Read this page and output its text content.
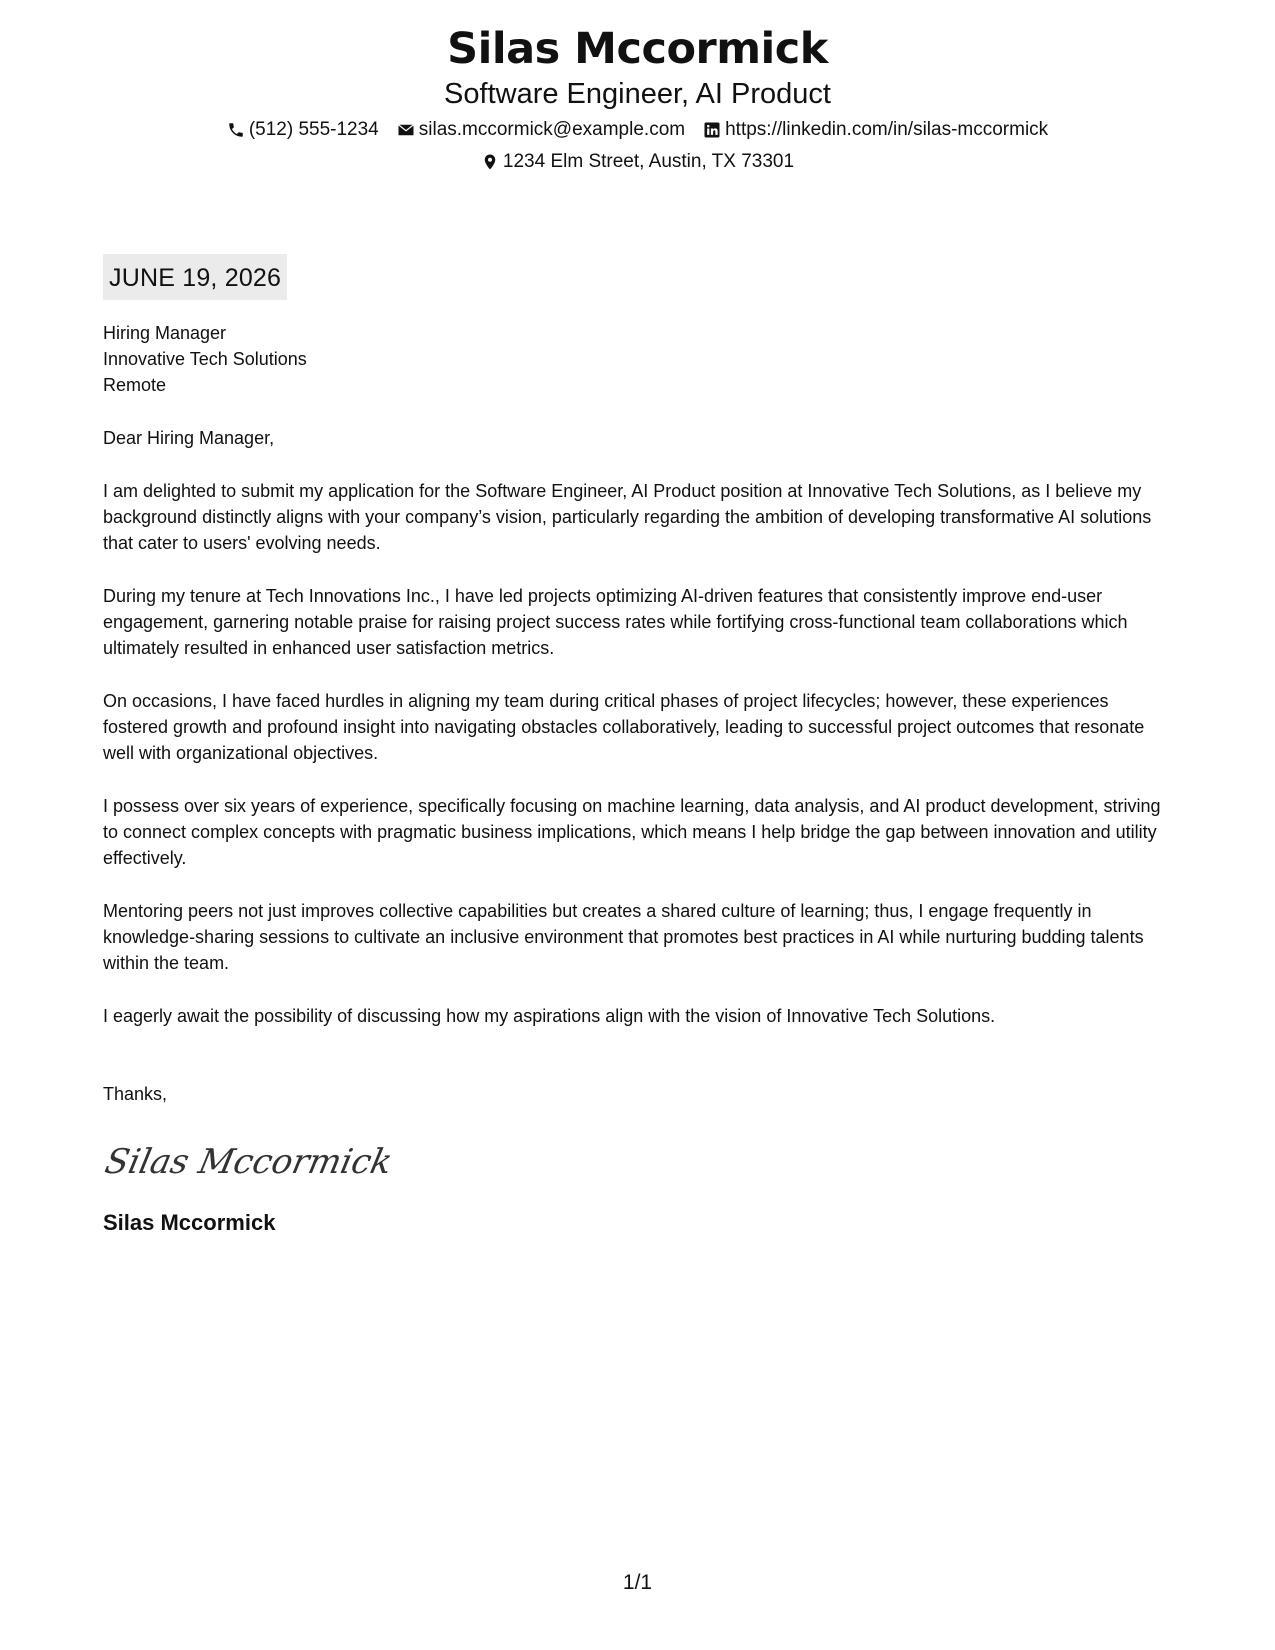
Silas Mccormick
Software Engineer, AI Product
(512) 555-1234 silas.mccormick@example.com https://linkedin.com/in/silas-mccormick
1234 Elm Street, Austin, TX 73301
JUNE 19, 2026
Hiring Manager
Innovative Tech Solutions
Remote
Dear Hiring Manager,
I am delighted to submit my application for the Software Engineer, AI Product position at Innovative Tech Solutions, as I believe my background distinctly aligns with your company’s vision, particularly regarding the ambition of developing transformative AI solutions that cater to users' evolving needs.
During my tenure at Tech Innovations Inc., I have led projects optimizing AI-driven features that consistently improve end-user engagement, garnering notable praise for raising project success rates while fortifying cross-functional team collaborations which ultimately resulted in enhanced user satisfaction metrics.
On occasions, I have faced hurdles in aligning my team during critical phases of project lifecycles; however, these experiences fostered growth and profound insight into navigating obstacles collaboratively, leading to successful project outcomes that resonate well with organizational objectives.
I possess over six years of experience, specifically focusing on machine learning, data analysis, and AI product development, striving to connect complex concepts with pragmatic business implications, which means I help bridge the gap between innovation and utility effectively.
Mentoring peers not just improves collective capabilities but creates a shared culture of learning; thus, I engage frequently in knowledge-sharing sessions to cultivate an inclusive environment that promotes best practices in AI while nurturing budding talents within the team.
I eagerly await the possibility of discussing how my aspirations align with the vision of Innovative Tech Solutions.
Thanks,
Silas Mccormick
Silas Mccormick
1/1
